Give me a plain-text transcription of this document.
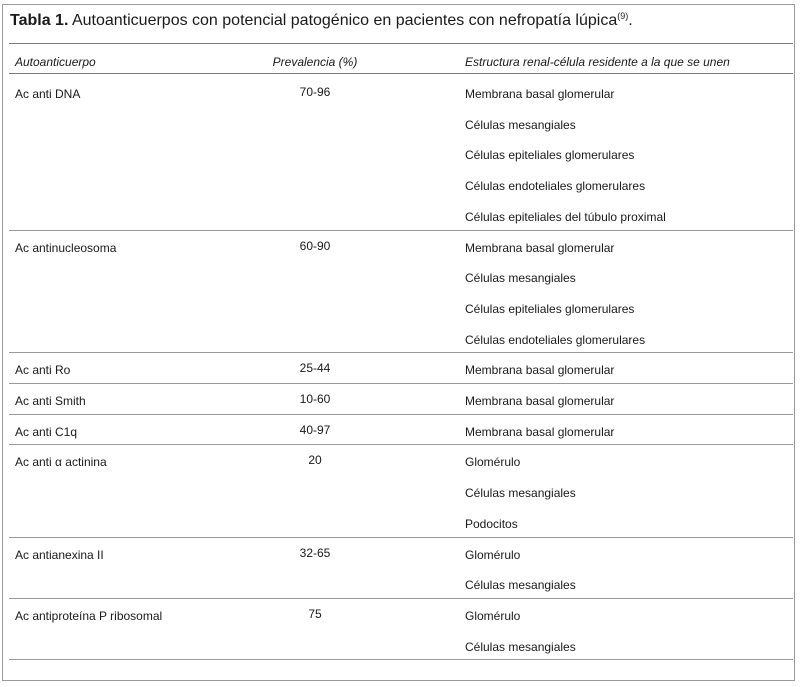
Tabla 1. Autoanticuerpos con potencial patogénico en pacientes con nefropatía lúpica$^{(9)}$.
Autoanticuerpo	Prevalencia (%)	Estructura renal-célula residente a la que se unen
Ac anti DNA	70-96	Membrana basal glomerular
Células mesangiales
Células epiteliales glomerulares
Células endoteliales glomerulares
Células epiteliales del túbulo proximal
Ac antinucleosoma	60-90	Membrana basal glomerular
Células mesangiales
Células epiteliales glomerulares
Células endoteliales glomerulares
Ac anti Ro	25-44	Membrana basal glomerular
Ac anti Smith	10-60	Membrana basal glomerular
Ac anti C1q	40-97	Membrana basal glomerular
Ac anti α actinina	20	Glomérulo
Células mesangiales
Podocitos
Ac antianexina II	32-65	Glomérulo
Células mesangiales
Ac antiproteína P ribosomal	75	Glomérulo
Células mesangiales
